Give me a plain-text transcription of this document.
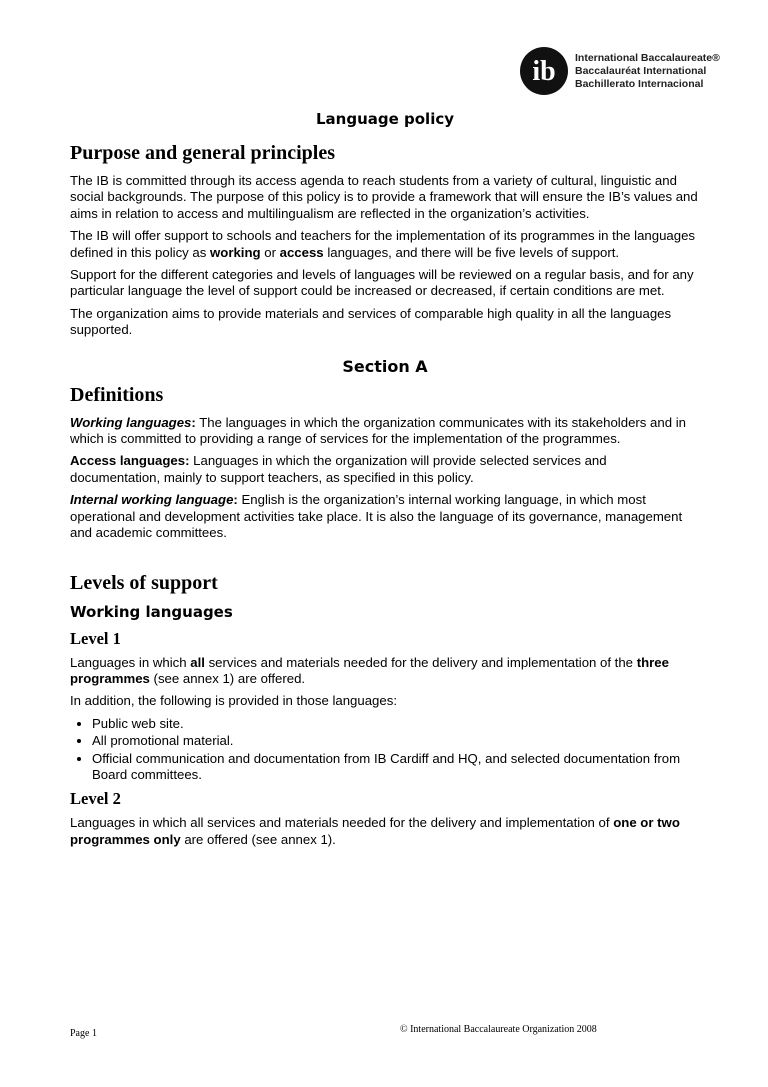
ib International Baccalaureate®
Baccalauréat International
Bachillerato Internacional
Language policy
Purpose and general principles

The IB is committed through its access agenda to reach students from a variety of cultural, linguistic and social backgrounds. The purpose of this policy is to provide a framework that will ensure the IB’s values and aims in relation to access and multilingualism are reflected in the organization’s activities.

The IB will offer support to schools and teachers for the implementation of its programmes in the languages defined in this policy as working or access languages, and there will be five levels of support.

Support for the different categories and levels of languages will be reviewed on a regular basis, and for any particular language the level of support could be increased or decreased, if certain conditions are met.

The organization aims to provide materials and services of comparable high quality in all the languages supported.

Section A
Definitions

Working languages: The languages in which the organization communicates with its stakeholders and in which is committed to providing a range of services for the implementation of the programmes.

Access languages: Languages in which the organization will provide selected services and documentation, mainly to support teachers, as specified in this policy.

Internal working language: English is the organization’s internal working language, in which most operational and development activities take place. It is also the language of its governance, management and academic committees.

Levels of support
Working languages
Level 1

Languages in which all services and materials needed for the delivery and implementation of the three programmes (see annex 1) are offered.

In addition, the following is provided in those languages:

• Public web site.
• All promotional material.
• Official communication and documentation from IB Cardiff and HQ, and selected documentation from Board committees.
Level 2

Languages in which all services and materials needed for the delivery and implementation of one or two programmes only are offered (see annex 1).

Page 1	© International Baccalaureate Organization 2008
